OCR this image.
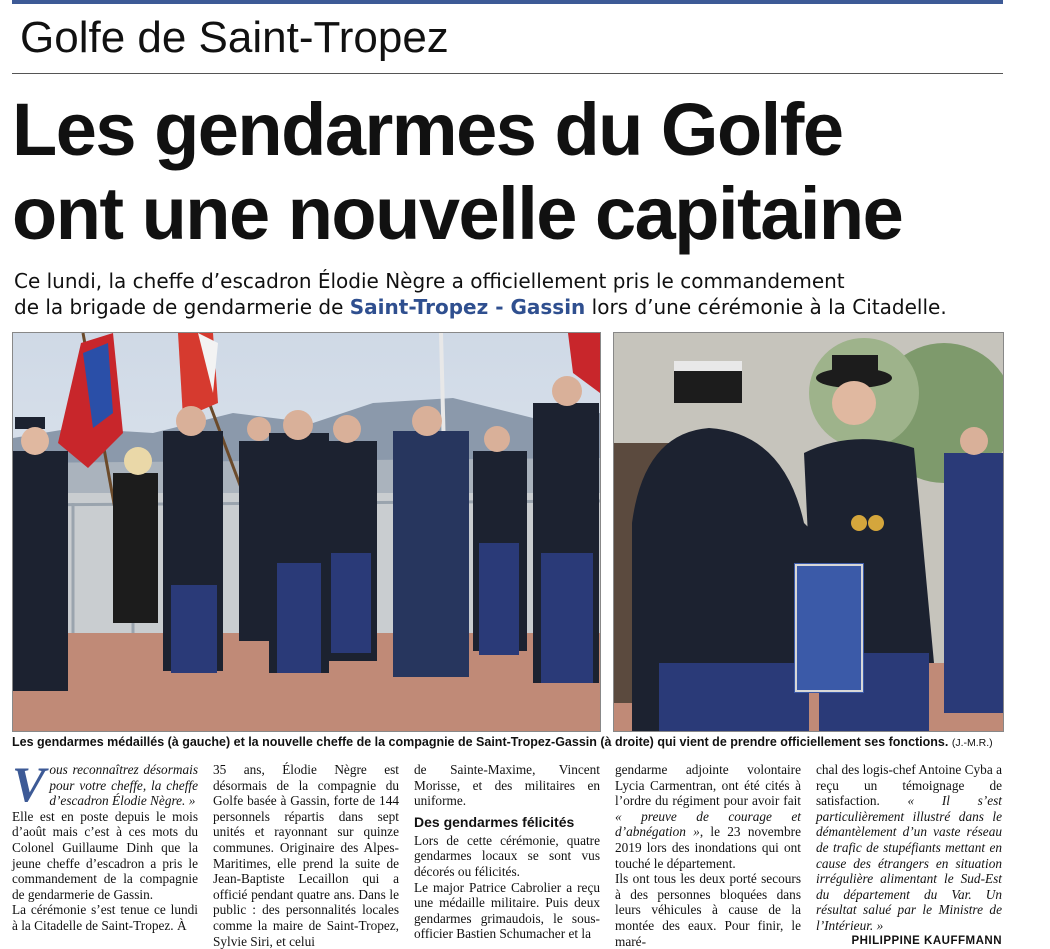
Golfe de Saint-Tropez
Les gendarmes du Golfe
ont une nouvelle capitaine
Ce lundi, la cheffe d’escadron Élodie Nègre a officiellement pris le commandement
de la brigade de gendarmerie de Saint-Tropez - Gassin lors d’une cérémonie à la Citadelle.
Les gendarmes médaillés (à gauche) et la nouvelle cheffe de la compagnie de Saint-Tropez-Gassin (à droite) qui vient de prendre officiellement ses fonctions. (J.-M.R.)

Vous reconnaîtrez désormais pour votre cheffe, la cheffe d’escadron Élodie Nègre. »

Elle est en poste depuis le mois d’août mais c’est à ces mots du Colonel Guillaume Dinh que la jeune cheffe d’escadron a pris le commandement de la compagnie de gendarmerie de Gassin.

La cérémonie s’est tenue ce lundi à la Citadelle de Saint-Tropez. À

35 ans, Élodie Nègre est désormais de la compagnie du Golfe basée à Gassin, forte de 144 personnels répartis dans sept unités et rayonnant sur quinze communes. Originaire des Alpes-Maritimes, elle prend la suite de Jean-Baptiste Lecaillon qui a officié pendant quatre ans. Dans le public : des personnalités locales comme la maire de Saint-Tropez, Sylvie Siri, et celui

de Sainte-Maxime, Vincent Morisse, et des militaires en uniforme.

Des gendarmes félicités

Lors de cette cérémonie, quatre gendarmes locaux se sont vus décorés ou félicités.

Le major Patrice Cabrolier a reçu une médaille militaire. Puis deux gendarmes grimaudois, le sous-officier Bastien Schumacher et la

gendarme adjointe volontaire Lycia Carmentran, ont été cités à l’ordre du régiment pour avoir fait « preuve de courage et d’abnégation », le 23 novembre 2019 lors des inondations qui ont touché le département.

Ils ont tous les deux porté secours à des personnes bloquées dans leurs véhicules à cause de la montée des eaux. Pour finir, le maré-

chal des logis-chef Antoine Cyba a reçu un témoignage de satisfaction. « Il s’est particulièrement illustré dans le démantèlement d’un vaste réseau de trafic de stupéfiants mettant en cause des étrangers en situation irrégulière alimentant le Sud-Est du département du Var. Un résultat salué par le Ministre de l’Intérieur. »

PHILIPPINE KAUFFMANN
